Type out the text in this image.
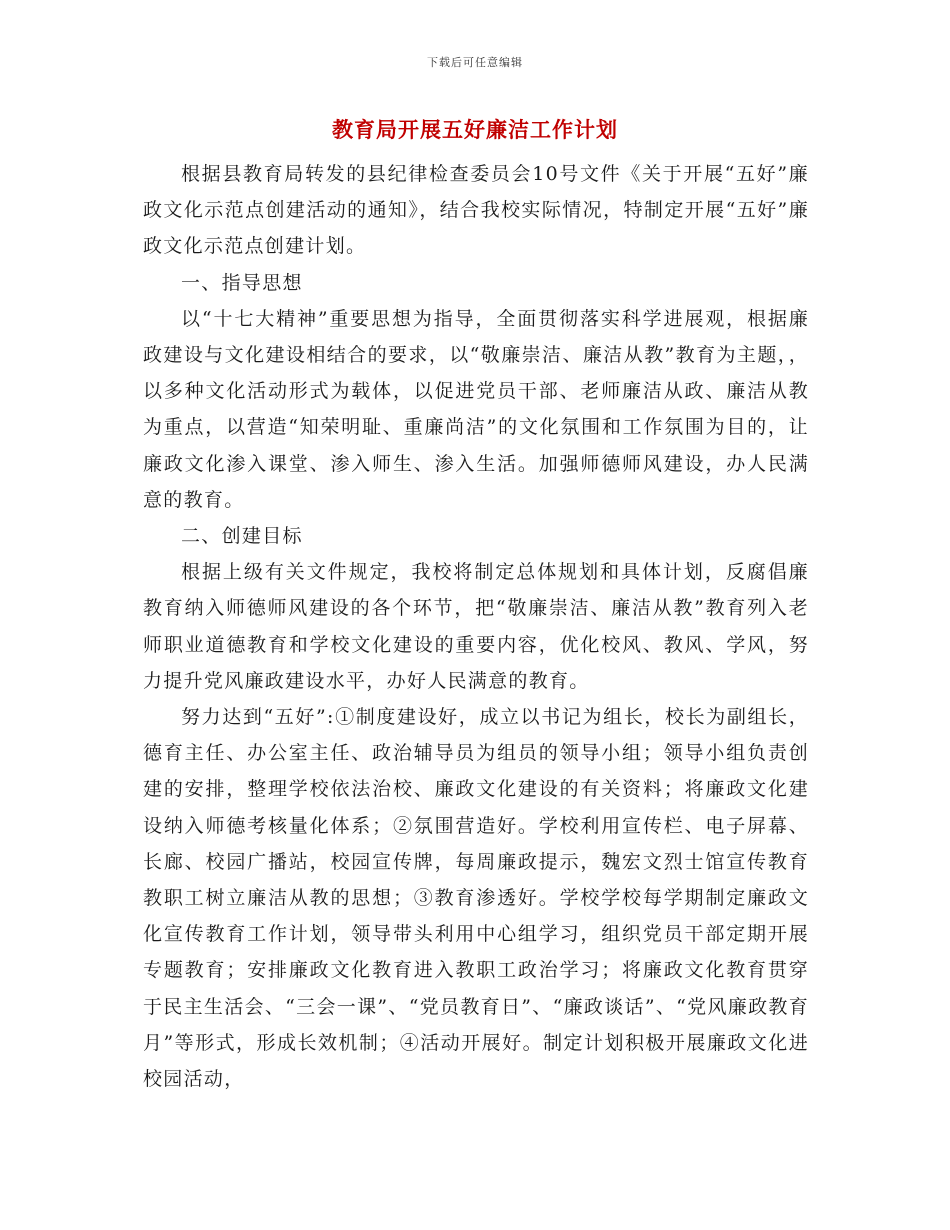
下载后可任意编辑
教育局开展五好廉洁工作计划

根据县教育局转发的县纪律检查委员会10号文件《关于开展“五好”廉政文化示范点创建活动的通知》，结合我校实际情况，特制定开展“五好”廉政文化示范点创建计划。

一、指导思想

以“十七大精神”重要思想为指导，全面贯彻落实科学进展观，根据廉政建设与文化建设相结合的要求，以“敬廉崇洁、廉洁从教”教育为主题，，以多种文化活动形式为载体，以促进党员干部、老师廉洁从政、廉洁从教为重点，以营造“知荣明耻、重廉尚洁”的文化氛围和工作氛围为目的，让廉政文化渗入课堂、渗入师生、渗入生活。加强师德师风建设，办人民满意的教育。

二、创建目标

根据上级有关文件规定，我校将制定总体规划和具体计划，反腐倡廉教育纳入师德师风建设的各个环节，把“敬廉崇洁、廉洁从教”教育列入老师职业道德教育和学校文化建设的重要内容，优化校风、教风、学风，努力提升党风廉政建设水平，办好人民满意的教育。

努力达到“五好”:①制度建设好，成立以书记为组长，校长为副组长，德育主任、办公室主任、政治辅导员为组员的领导小组；领导小组负责创建的安排，整理学校依法治校、廉政文化建设的有关资料；将廉政文化建设纳入师德考核量化体系；②氛围营造好。学校利用宣传栏、电子屏幕、长廊、校园广播站，校园宣传牌，每周廉政提示，魏宏文烈士馆宣传教育教职工树立廉洁从教的思想；③教育渗透好。学校学校每学期制定廉政文化宣传教育工作计划，领导带头利用中心组学习，组织党员干部定期开展专题教育；安排廉政文化教育进入教职工政治学习；将廉政文化教育贯穿于民主生活会、“三会一课”、“党员教育日”、“廉政谈话”、“党风廉政教育月”等形式，形成长效机制；④活动开展好。制定计划积极开展廉政文化进校园活动，
